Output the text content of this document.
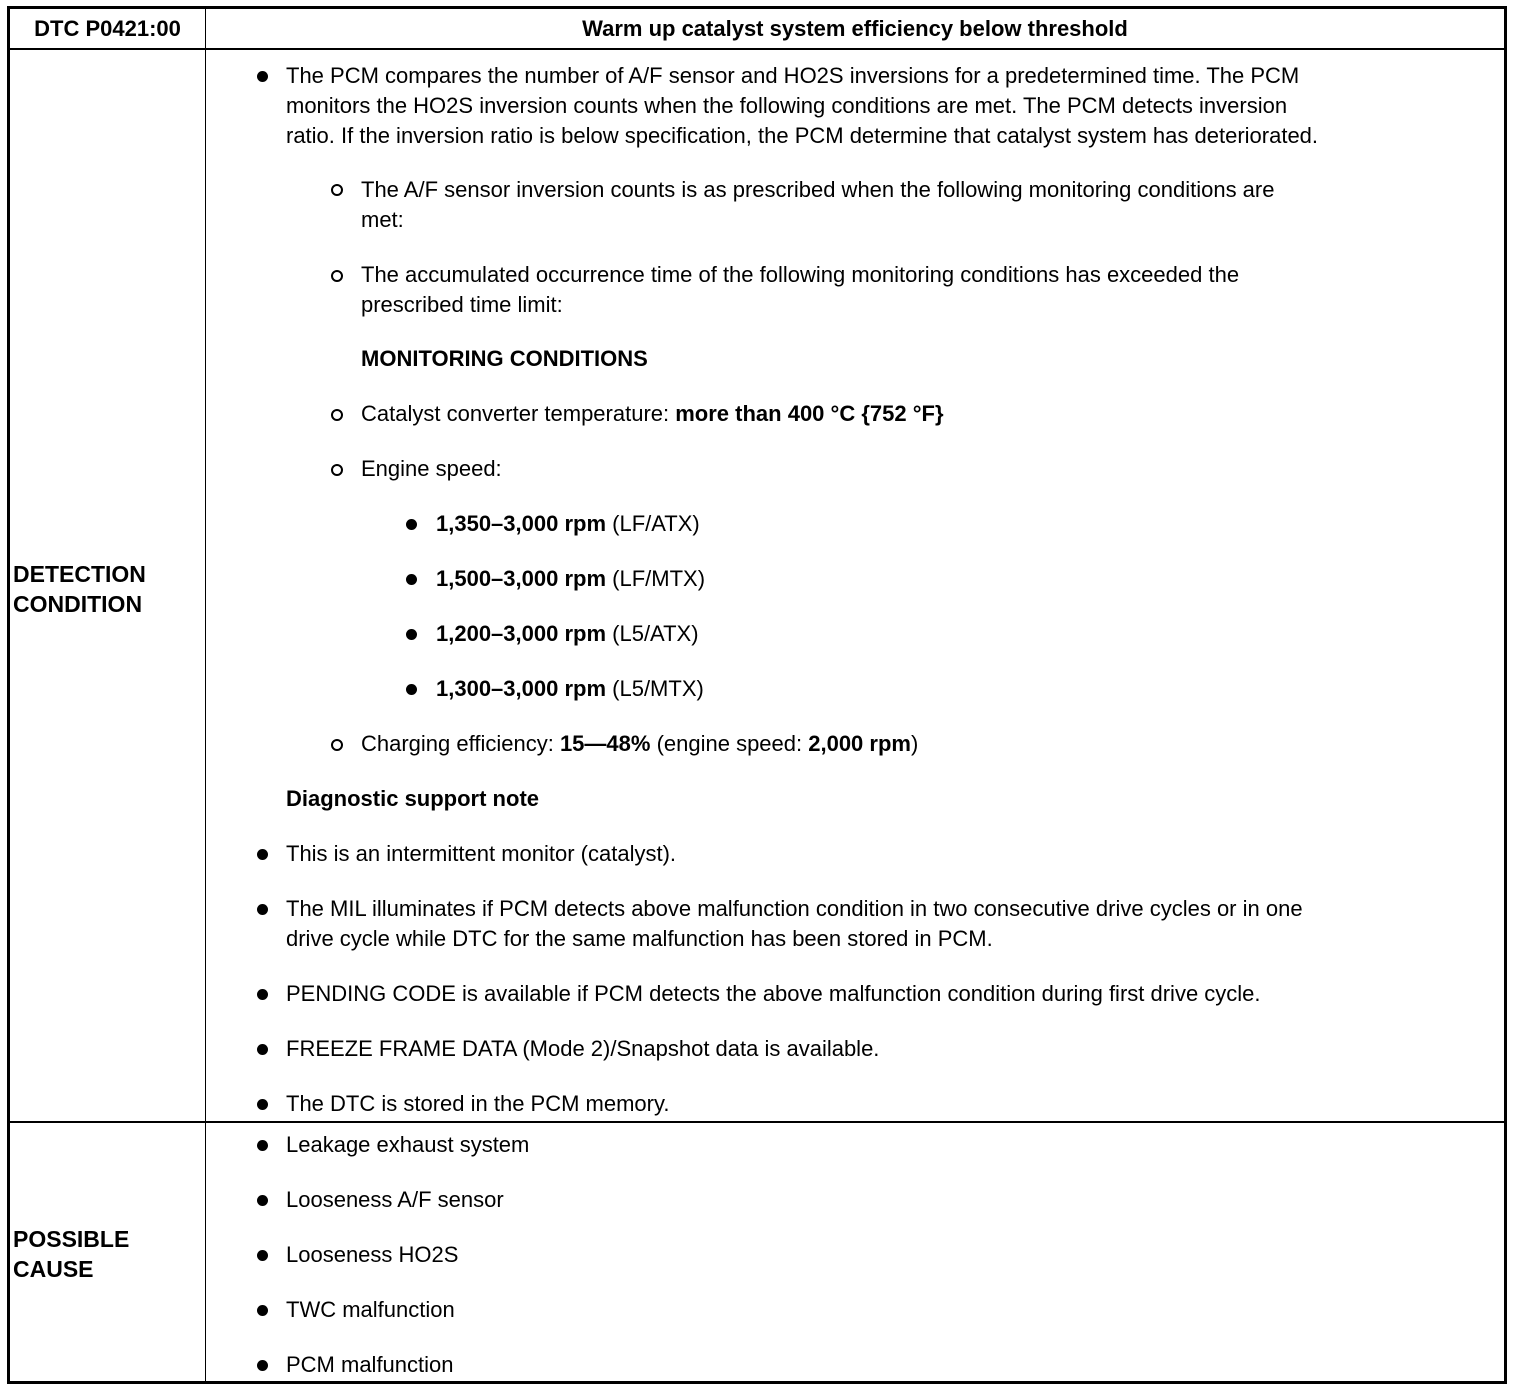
DTC P0421:00	Warm up catalyst system efficiency below threshold
DETECTION
CONDITION
The PCM compares the number of A/F sensor and HO2S inversions for a predetermined time. The PCM
monitors the HO2S inversion counts when the following conditions are met. The PCM detects inversion
ratio. If the inversion ratio is below specification, the PCM determine that catalyst system has deteriorated.
The A/F sensor inversion counts is as prescribed when the following monitoring conditions are
met:
The accumulated occurrence time of the following monitoring conditions has exceeded the
prescribed time limit:
MONITORING CONDITIONS
Catalyst converter temperature: more than 400 °C {752 °F}
Engine speed:
1,350–3,000 rpm (LF/ATX)
1,500–3,000 rpm (LF/MTX)
1,200–3,000 rpm (L5/ATX)
1,300–3,000 rpm (L5/MTX)
Charging efficiency: 15—48% (engine speed: 2,000 rpm)
Diagnostic support note
This is an intermittent monitor (catalyst).
The MIL illuminates if PCM detects above malfunction condition in two consecutive drive cycles or in one
drive cycle while DTC for the same malfunction has been stored in PCM.
PENDING CODE is available if PCM detects the above malfunction condition during first drive cycle.
FREEZE FRAME DATA (Mode 2)/Snapshot data is available.
The DTC is stored in the PCM memory.
POSSIBLE
CAUSE
Leakage exhaust system
Looseness A/F sensor
Looseness HO2S
TWC malfunction
PCM malfunction
